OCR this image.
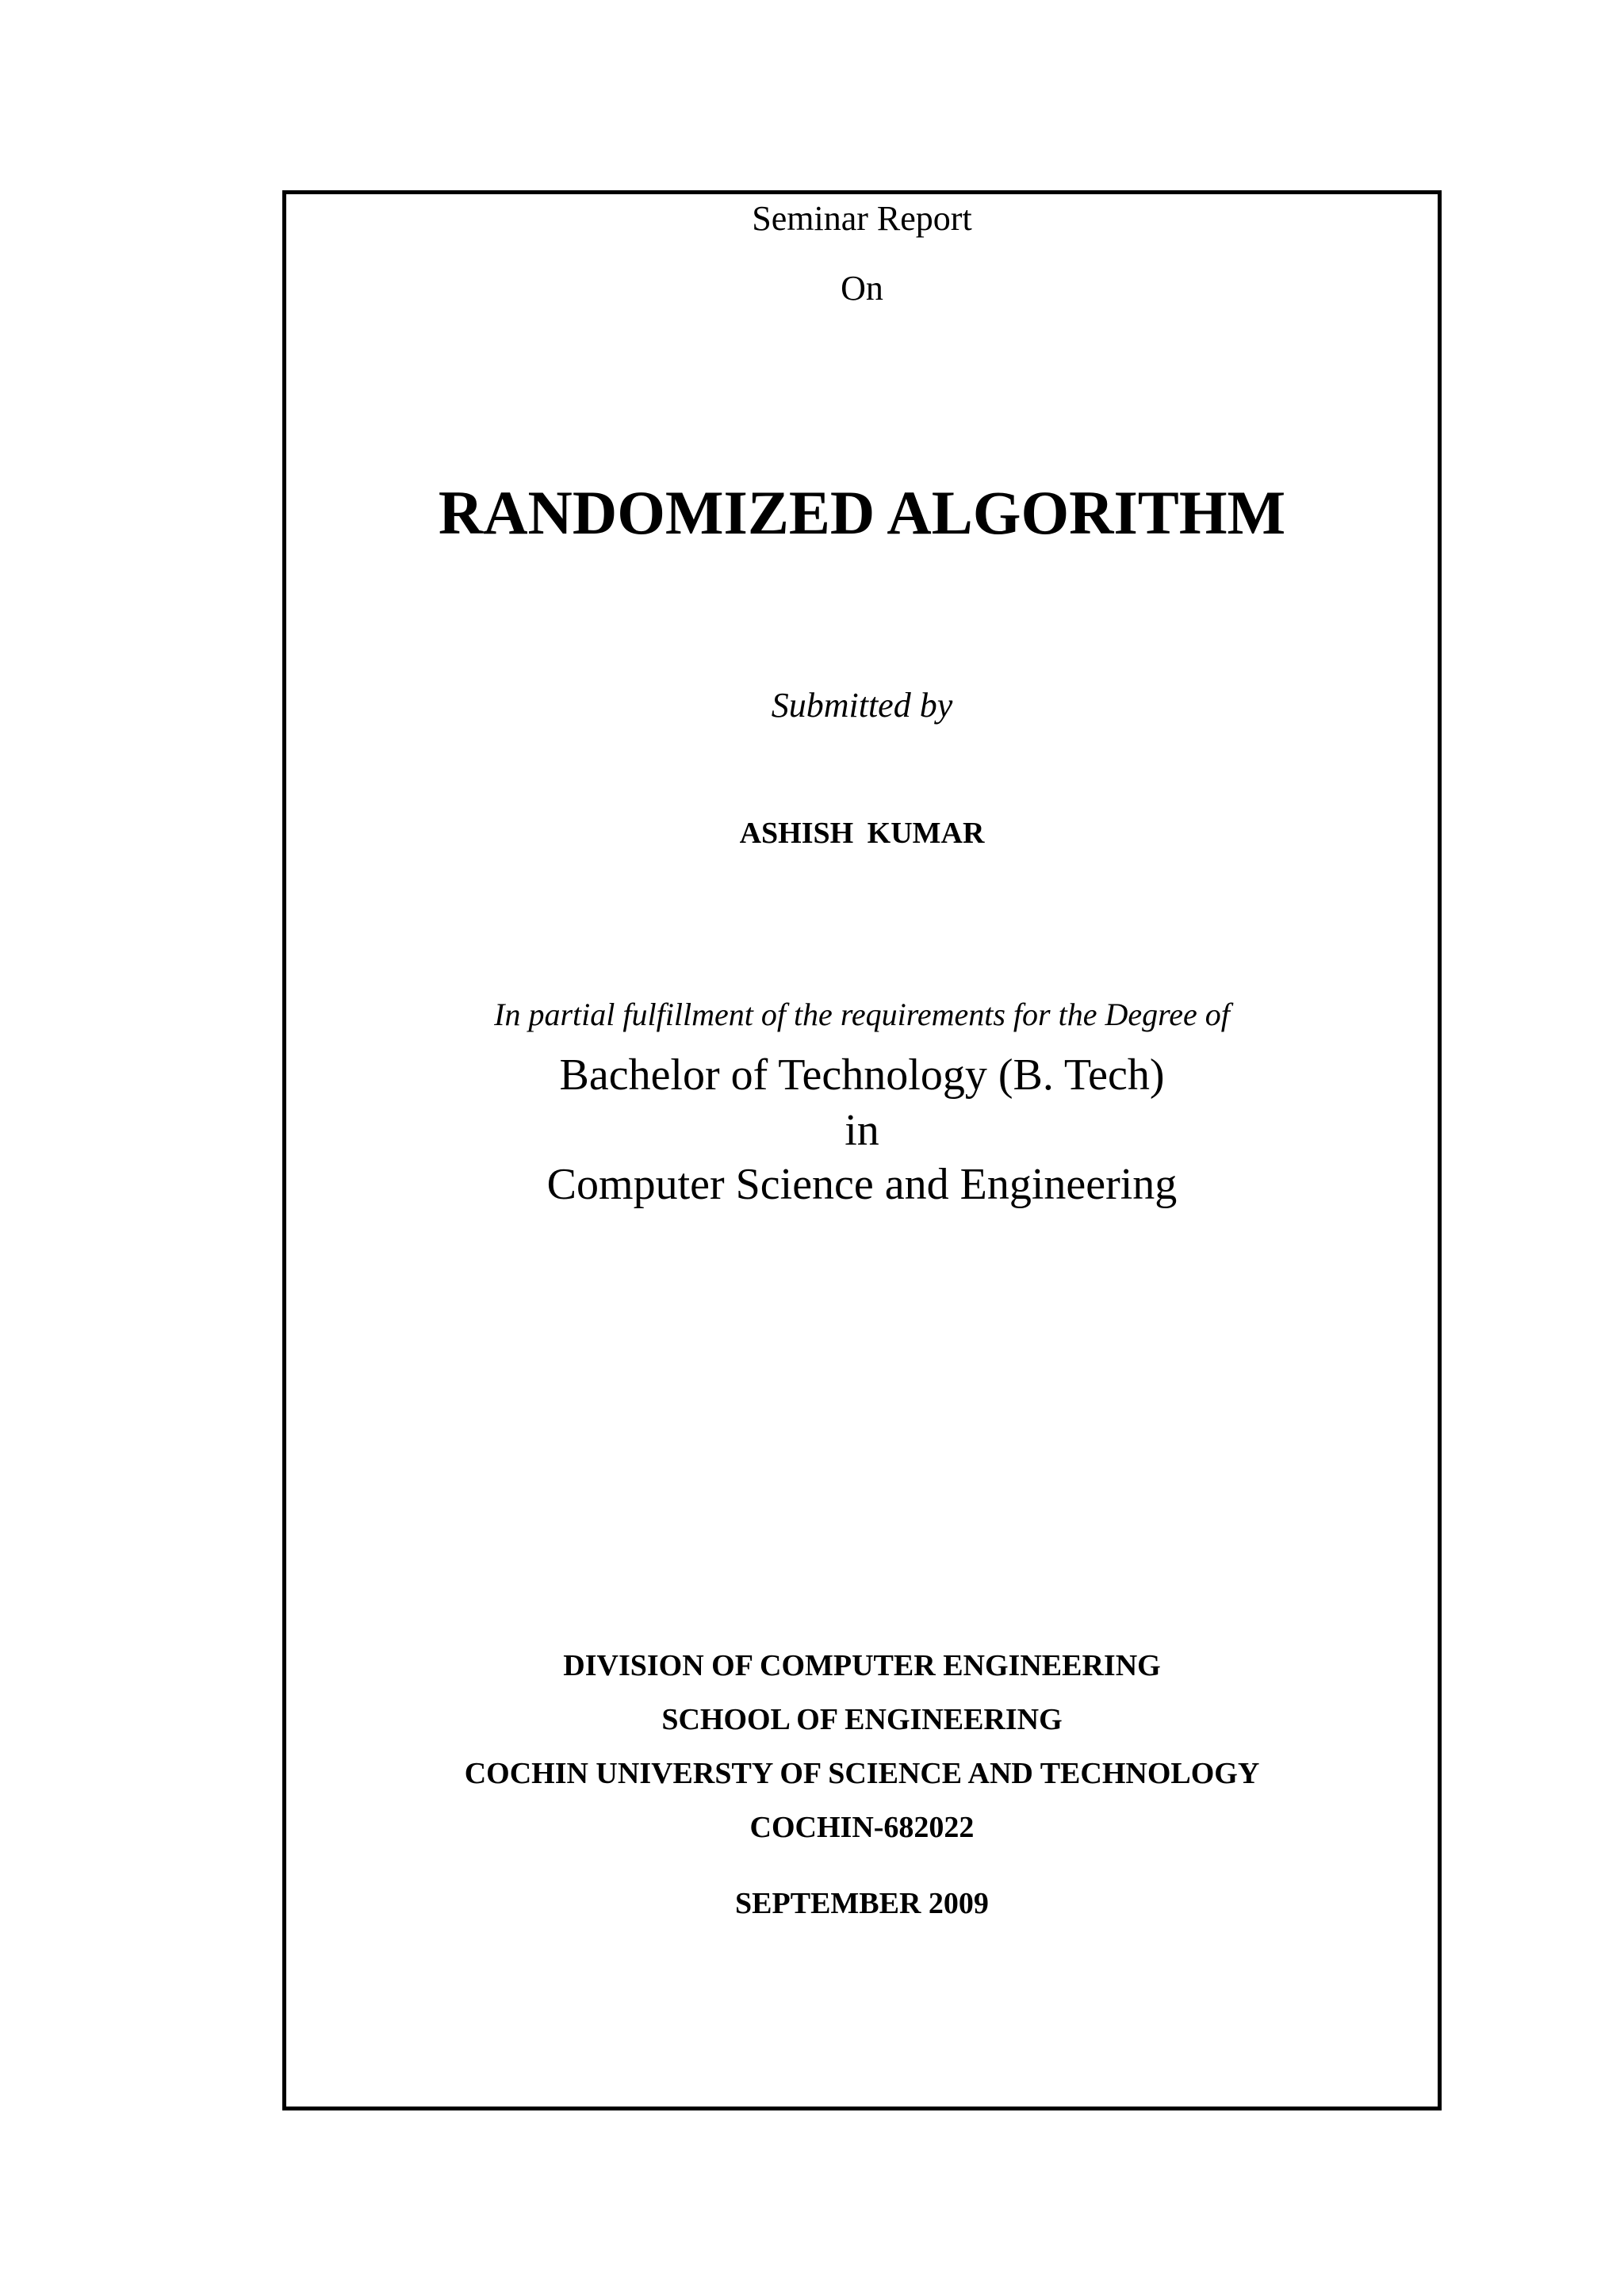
Seminar Report
On
RANDOMIZED ALGORITHM
Submitted by
ASHISH KUMAR
In partial fulfillment of the requirements for the Degree of
Bachelor of Technology (B. Tech)
in
Computer Science and Engineering
DIVISION OF COMPUTER ENGINEERING
SCHOOL OF ENGINEERING
COCHIN UNIVERSTY OF SCIENCE AND TECHNOLOGY
COCHIN-682022
SEPTEMBER 2009
